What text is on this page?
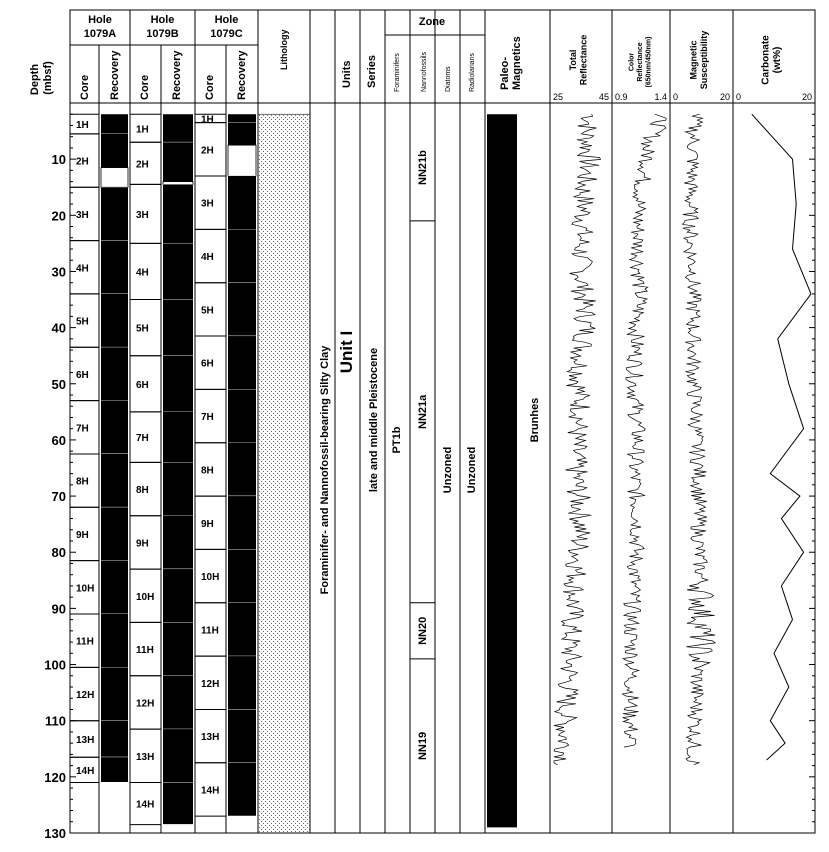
Depth (mbsf)
10
20
30
40
50
60
70
80
90
100
110
120
130
Hole
1079A
Core Recovery
1H
2H
3H
4H
5H
6H
7H
8H
9H
10H
11H
12H
13H
14H
Hole
1079B
Core Recovery
1H
2H
3H
4H
5H
6H
7H
8H
9H
10H
11H
12H
13H
14H
Hole
1079C
Core Recovery
1H
2H
3H
4H
5H
6H
7H
8H
9H
10H
11H
12H
13H
14H
Lithology
Foraminifer- and Nannofossil-bearing Silty Clay
Units
Unit I
Series
late and middle Pleistocene
Zone
Foraminifers	Nannofossils Diatoms Radiolarians
PT1b
NN21b
NN21a
NN20
NN19
Unzoned Unzoned
Paleo- Magnetics
Brunhes
Total Reflectance
25	45
Color Reflectance (650nm/450nm)
0.9	1.4
Magnetic Susceptibility
0	20
Carbonate (wt%)
0	20
